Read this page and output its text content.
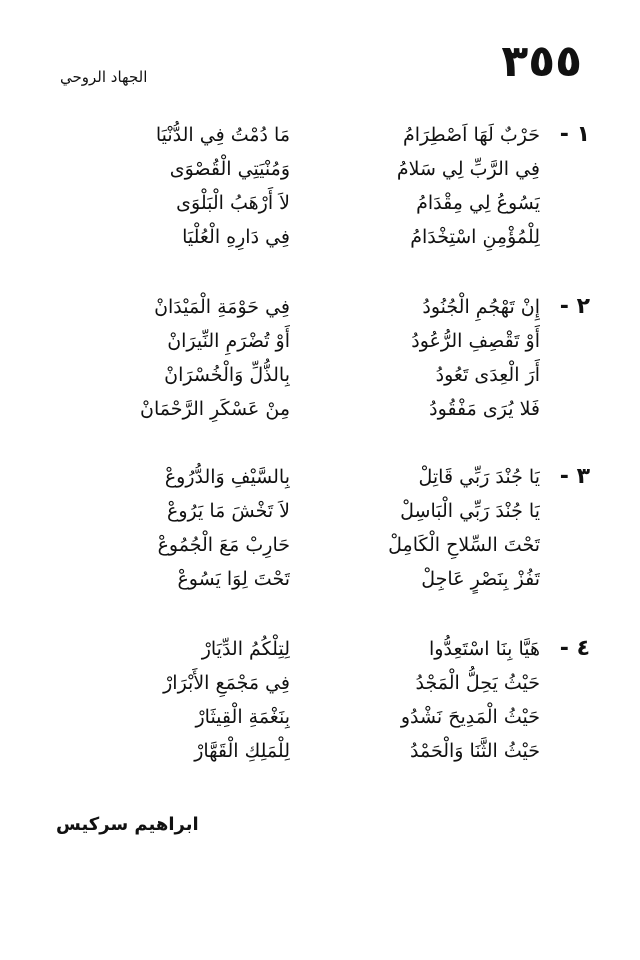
٣٥٥
الجهاد الروحي
١ -
حَرْبٌ لَهَا اَصْطِرَامُ
مَا دُمْتُ فِي الدُّنْيَا
فِي الرَّبِّ لِي سَلامُ
وَمُنْيَتِي الْقُصْوَى
يَسُوعُ لِي مِقْدَامُ
لاَ أَرْهَبُ الْبَلْوَى
لِلْمُؤْمِنِ اسْتِخْدَامُ
فِي دَارِهِ الْعُلْيَا
٢ -
إِنْ تَهْجُمِ الْجُنُودُ
فِي حَوْمَةِ الْمَيْدَانْ
أَوْ تَقْصِفِ الرُّعُودُ
أَوْ تُضْرَمِ النِّيرَانْ
أَرَ الْعِدَى تَعُودُ
بِالذُّلِّ وَالْخُسْرَانْ
فَلا يُرَى مَفْقُودُ
مِنْ عَسْكَرِ الرَّحْمَانْ
٣ -
يَا جُنْدَ رَبِّي قَاتِلْ
بِالسَّيْفِ وَالدُّرُوعْ
يَا جُنْدَ رَبِّي الْبَاسِلْ
لاَ تَخْشَ مَا يَرُوعْ
تَحْتَ السِّلاحِ الْكَامِلْ
حَارِبْ مَعَ الْجُمُوعْ
تَفُزْ بِنَصْرٍ عَاجِلْ
تَحْتَ لِوَا يَسُوعْ
٤ -
هَيَّا بِنَا اسْتَعِدُّوا
لِتِلْكُمُ الدِّيَارْ
حَيْثُ يَحِلُّ الْمَجْدُ
فِي مَجْمَعِ الأَبْرَارْ
حَيْثُ الْمَدِيحَ نَشْدُو
بِنَغْمَةِ الْقِيثَارْ
حَيْثُ الثَّنَا وَالْحَمْدُ
لِلْمَلِكِ الْقَهَّارْ
ابراهيم سركيس
